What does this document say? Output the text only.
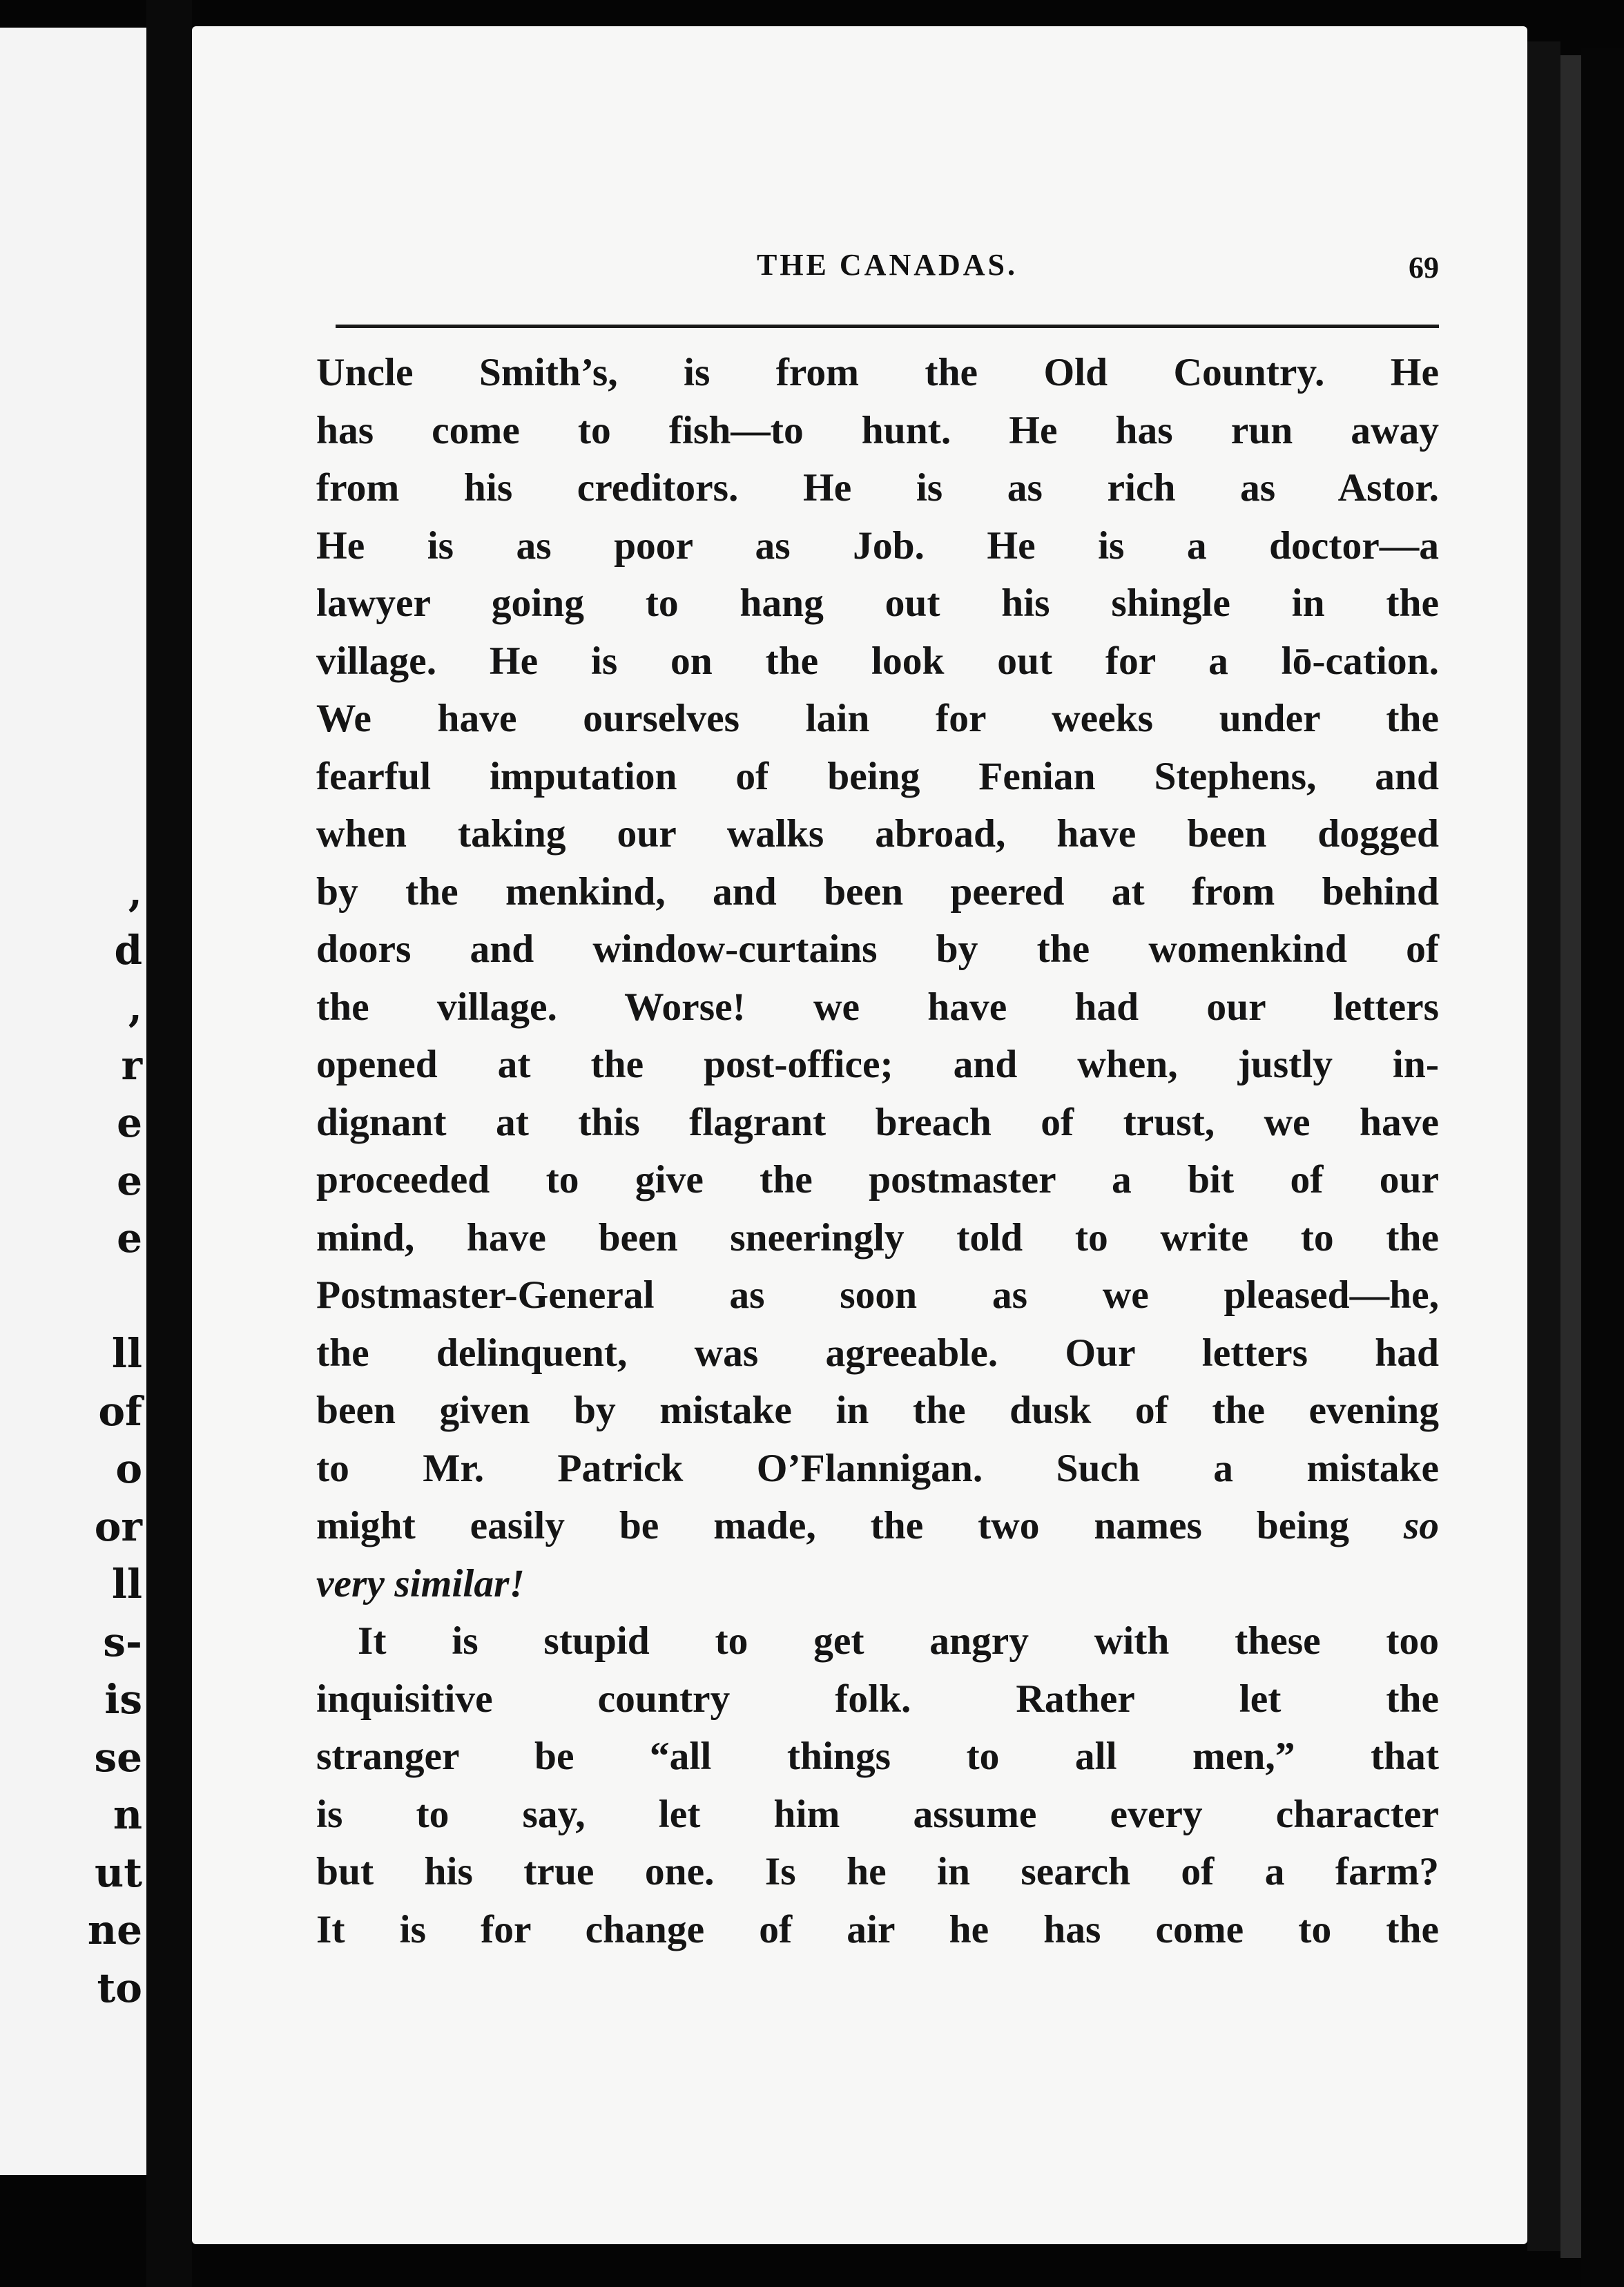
,
d
,
r
e
e
e
ll
of
o
or
ll
s-
is
se
n
ut
ne
to
THE CANADAS.	69
Uncle Smith’s, is from the Old Country. He
has come to fish—to hunt. He has run away
from his creditors. He is as rich as Astor.
He is as poor as Job. He is a doctor—a
lawyer going to hang out his shingle in the
village. He is on the look out for a lō-cation.
We have ourselves lain for weeks under the
fearful imputation of being Fenian Stephens, and
when taking our walks abroad, have been dogged
by the menkind, and been peered at from behind
doors and window-curtains by the womenkind of
the village. Worse! we have had our letters
opened at the post-office; and when, justly in-
dignant at this flagrant breach of trust, we have
proceeded to give the postmaster a bit of our
mind, have been sneeringly told to write to the
Postmaster-General as soon as we pleased—he,
the delinquent, was agreeable. Our letters had
been given by mistake in the dusk of the evening
to Mr. Patrick O’Flannigan. Such a mistake
might easily be made, the two names being so
very similar!
It is stupid to get angry with these too
inquisitive country folk. Rather let the
stranger be “all things to all men,” that
is to say, let him assume every character
but his true one. Is he in search of a farm?
It is for change of air he has come to the
